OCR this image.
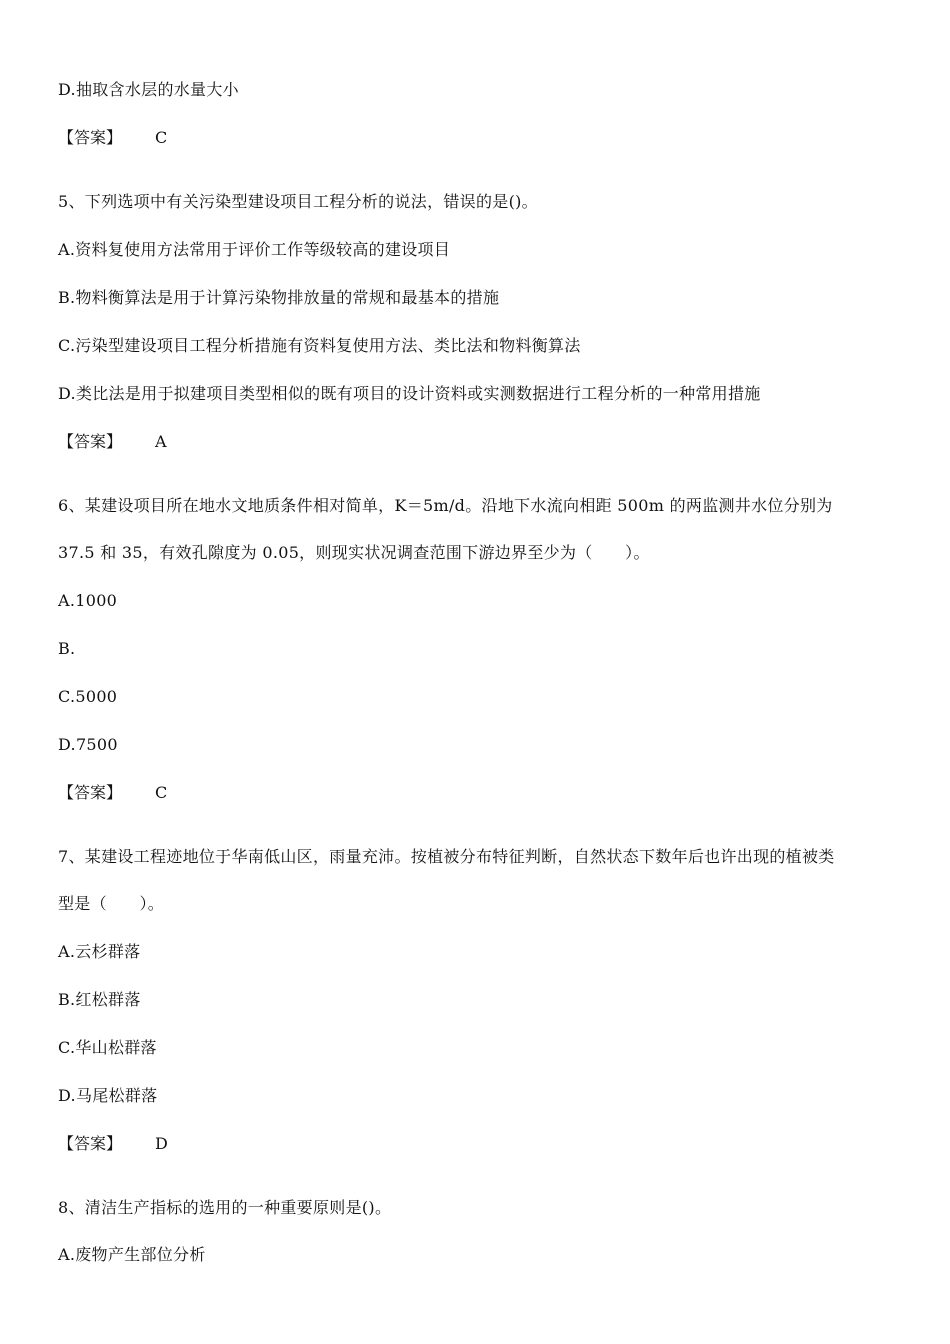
D.抽取含水层的水量大小
【答案】 C
5、下列选项中有关污染型建设项目工程分析的说法，错误的是()。
A.资料复使用方法常用于评价工作等级较高的建设项目
B.物料衡算法是用于计算污染物排放量的常规和最基本的措施
C.污染型建设项目工程分析措施有资料复使用方法、类比法和物料衡算法
D.类比法是用于拟建项目类型相似的既有项目的设计资料或实测数据进行工程分析的一种常用措施
【答案】 A
6、某建设项目所在地水文地质条件相对简单，K＝5m/d。沿地下水流向相距 500m 的两监测井水位分别为
37.5 和 35，有效孔隙度为 0.05，则现实状况调查范围下游边界至少为（　　）。
A.1000
B.
C.5000
D.7500
【答案】 C
7、某建设工程迹地位于华南低山区，雨量充沛。按植被分布特征判断，自然状态下数年后也许出现的植被类
型是（　　）。
A.云杉群落
B.红松群落
C.华山松群落
D.马尾松群落
【答案】 D
8、清洁生产指标的选用的一种重要原则是()。
A.废物产生部位分析
